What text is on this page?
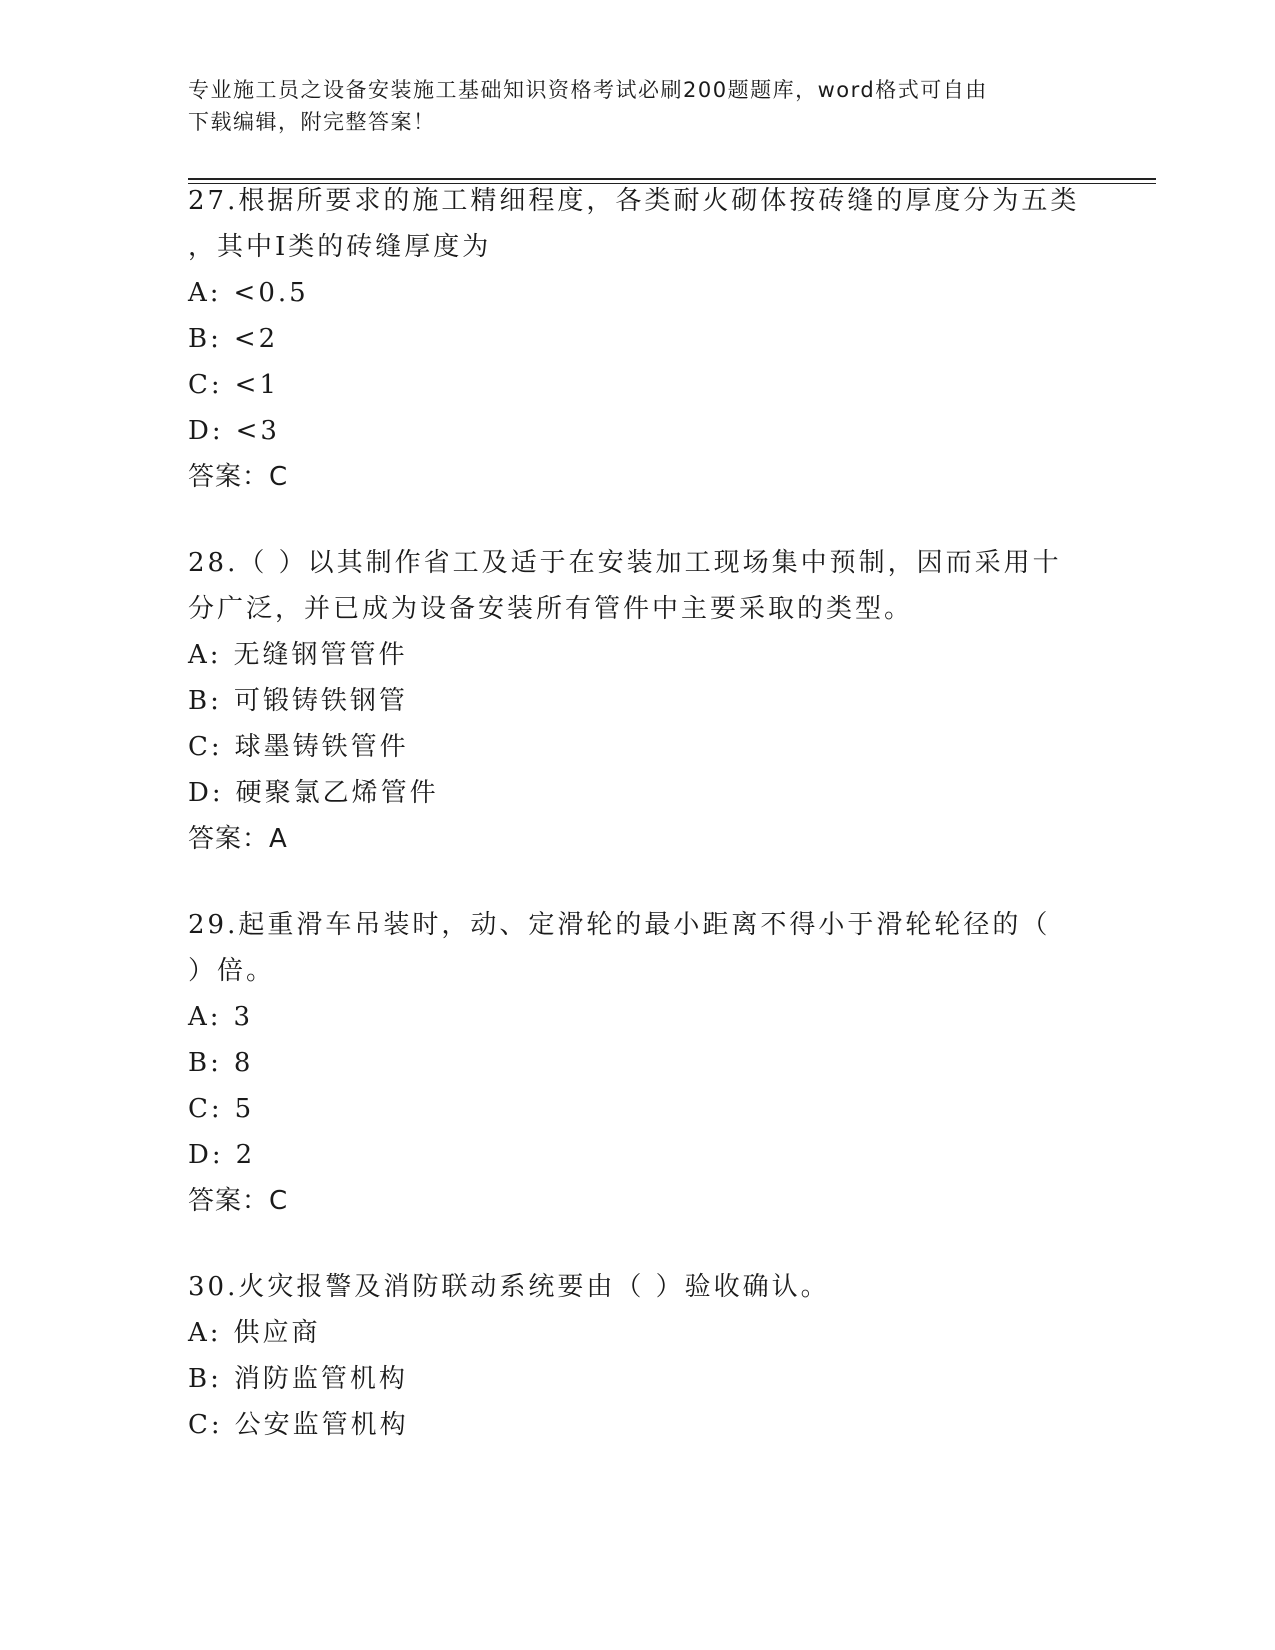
专业施工员之设备安装施工基础知识资格考试必刷200题题库，word格式可自由
下载编辑，附完整答案！

27.根据所要求的施工精细程度，各类耐火砌体按砖缝的厚度分为五类

，其中Ⅰ类的砖缝厚度为

A: <0.5

B: <2

C: <1

D: <3

答案：C

28.（ ）以其制作省工及适于在安装加工现场集中预制，因而采用十

分广泛，并已成为设备安装所有管件中主要采取的类型。

A: 无缝钢管管件

B: 可锻铸铁钢管

C: 球墨铸铁管件

D: 硬聚氯乙烯管件

答案：A

29.起重滑车吊装时，动、定滑轮的最小距离不得小于滑轮轮径的（

）倍。

A: 3

B: 8

C: 5

D: 2

答案：C

30.火灾报警及消防联动系统要由（ ）验收确认。

A: 供应商

B: 消防监管机构

C: 公安监管机构
